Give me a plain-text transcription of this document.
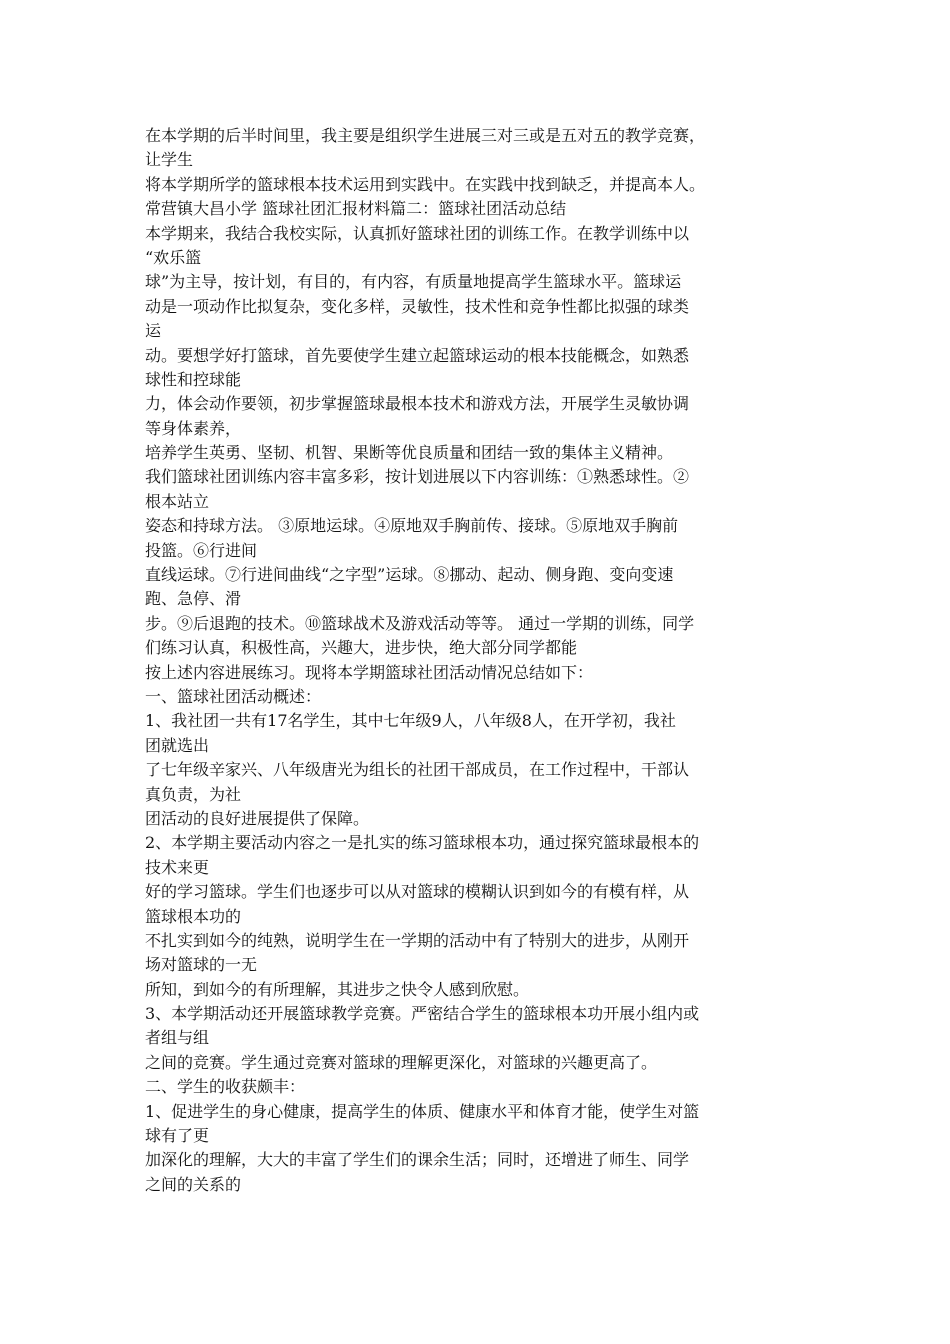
在本学期的后半时间里，我主要是组织学生进展三对三或是五对五的教学竞赛，
让学生
将本学期所学的篮球根本技术运用到实践中。在实践中找到缺乏，并提高本人。
常营镇大昌小学 篮球社团汇报材料篇二：篮球社团活动总结
本学期来，我结合我校实际，认真抓好篮球社团的训练工作。在教学训练中以
“欢乐篮
球”为主导，按计划，有目的，有内容，有质量地提高学生篮球水平。篮球运
动是一项动作比拟复杂，变化多样，灵敏性，技术性和竞争性都比拟强的球类
运
动。要想学好打篮球，首先要使学生建立起篮球运动的根本技能概念，如熟悉
球性和控球能
力，体会动作要领，初步掌握篮球最根本技术和游戏方法，开展学生灵敏协调
等身体素养，
培养学生英勇、坚韧、机智、果断等优良质量和团结一致的集体主义精神。
我们篮球社团训练内容丰富多彩，按计划进展以下内容训练：①熟悉球性。②
根本站立
姿态和持球方法。 ③原地运球。④原地双手胸前传、接球。⑤原地双手胸前
投篮。⑥行进间
直线运球。⑦行进间曲线“之字型”运球。⑧挪动、起动、侧身跑、变向变速
跑、急停、滑
步。⑨后退跑的技术。⑩篮球战术及游戏活动等等。 通过一学期的训练，同学
们练习认真，积极性高，兴趣大，进步快，绝大部分同学都能
按上述内容进展练习。现将本学期篮球社团活动情况总结如下：
一、篮球社团活动概述：
1、我社团一共有17名学生，其中七年级9人，八年级8人，在开学初，我社
团就选出
了七年级辛家兴、八年级唐光为组长的社团干部成员，在工作过程中，干部认
真负责，为社
团活动的良好进展提供了保障。
2、本学期主要活动内容之一是扎实的练习篮球根本功，通过探究篮球最根本的
技术来更
好的学习篮球。学生们也逐步可以从对篮球的模糊认识到如今的有模有样，从
篮球根本功的
不扎实到如今的纯熟，说明学生在一学期的活动中有了特别大的进步，从刚开
场对篮球的一无
所知，到如今的有所理解，其进步之快令人感到欣慰。
3、本学期活动还开展篮球教学竞赛。严密结合学生的篮球根本功开展小组内或
者组与组
之间的竞赛。学生通过竞赛对篮球的理解更深化，对篮球的兴趣更高了。
二、学生的收获颇丰：
1、促进学生的身心健康，提高学生的体质、健康水平和体育才能，使学生对篮
球有了更
加深化的理解，大大的丰富了学生们的课余生活；同时，还增进了师生、同学
之间的关系的
